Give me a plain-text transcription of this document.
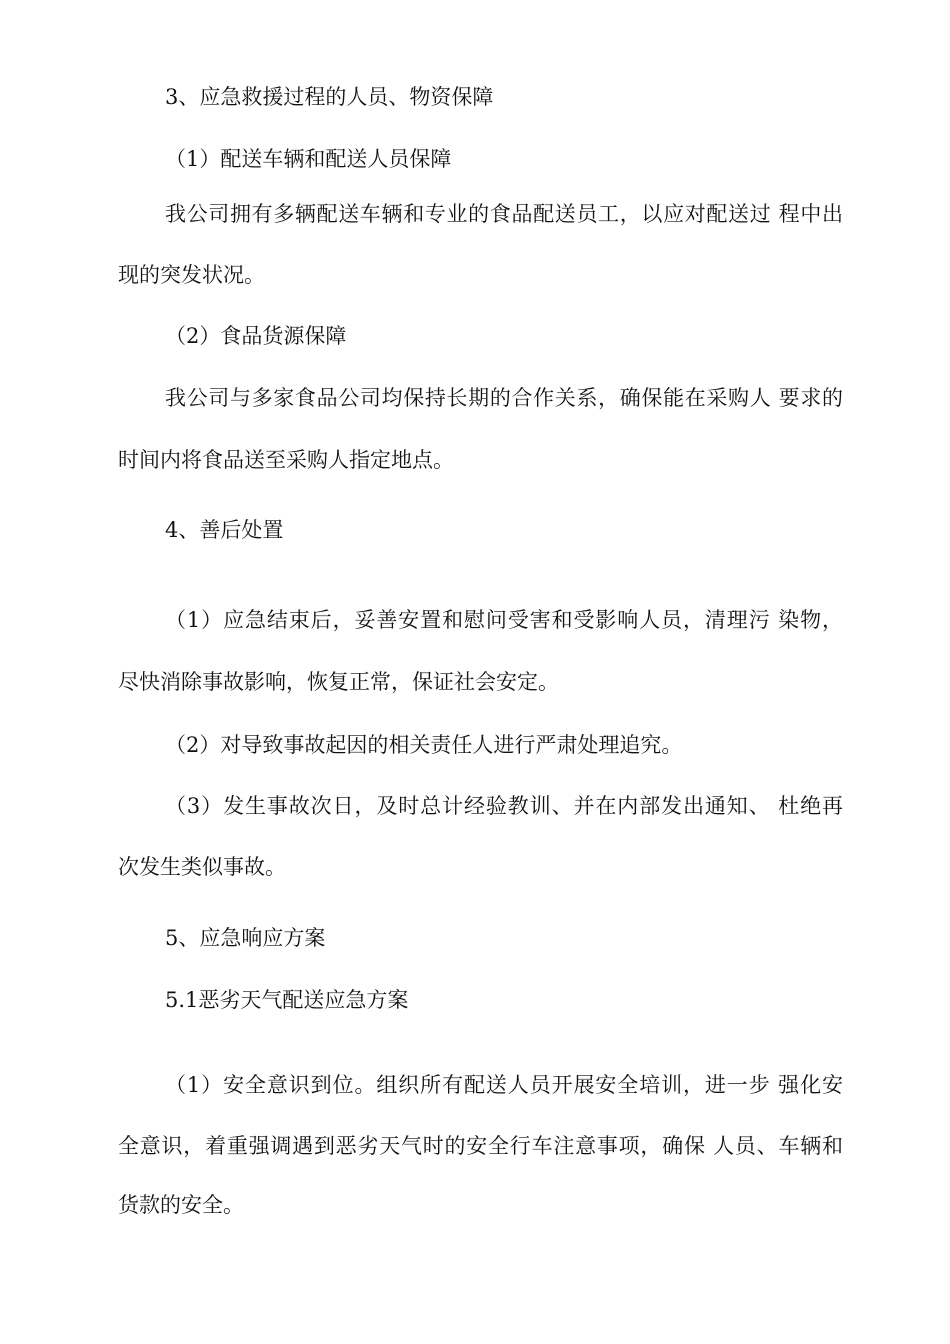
3、应急救援过程的人员、物资保障
（1）配送车辆和配送人员保障
我公司拥有多辆配送车辆和专业的食品配送员工，以应对配送过 程中出
现的突发状况。
（2）食品货源保障
我公司与多家食品公司均保持长期的合作关系，确保能在采购人 要求的
时间内将食品送至采购人指定地点。
4、善后处置
（1）应急结束后，妥善安置和慰问受害和受影响人员，清理污 染物，
尽快消除事故影响，恢复正常，保证社会安定。
（2）对导致事故起因的相关责任人进行严肃处理追究。
（3）发生事故次日，及时总计经验教训、并在内部发出通知、 杜绝再
次发生类似事故。
5、应急响应方案
5.1恶劣天气配送应急方案
（1）安全意识到位。组织所有配送人员开展安全培训，进一步 强化安
全意识，着重强调遇到恶劣天气时的安全行车注意事项，确保 人员、车辆和
货款的安全。
